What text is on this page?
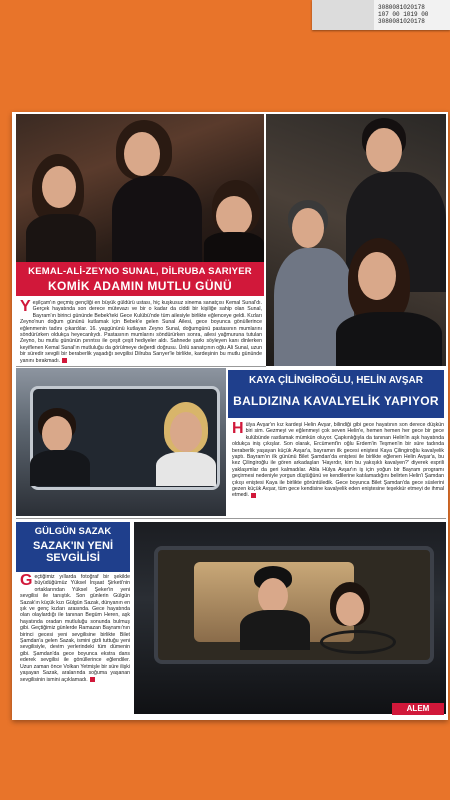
3080081020178
107 00 1019 00
3080081020178
KEMAL-ALİ-ZEYNO SUNAL, DİLRUBA SARIYER
KOMİK ADAMIN MUTLU GÜNÜ
Yeşilçam'ın geçmiş gençliği en büyük güldürü ustası, hiç kuşkusuz sinema sanatçısı Kemal Sunal'dı. Gerçek hayatında son derece mütevazı ve bir o kadar da ciddi bir kişiliğe sahip olan Sunal, Bayram'ın birinci gününde Bebek'teki Gece Kulübü'nde tüm ailesiyle birlikte eğlenceye geldi. Kızları Zeyno'nun doğum gününü kutlamak için Bebek'e gelen Sunal Ailesi, gece boyunca gönüllerince eğlenmenin tadını çıkardılar. 16. yaşgününü kutlayan Zeyno Sunal, doğumgünü pastasının mumlarını söndürürken oldukça heyecanlıydı. Pastasının mumlarını söndürürken sonra, ailesi yağmuruna tutulan Zeyno, bu mutlu gününün pırıntısı ile çeşit çeşit hediyeler aldı. Sahnede şarkı söyleyen kanı dinlerken keyiflenen Kemal Sunal'ın mutluluğu da görülmeye değerdi doğrusu. Ünlü sanatçının oğlu Ali Sunal, uzun bir süredir sevgili bir beraberlik yaşadığı sevgilisi Dilruba Sarıyer'le birlikte, kardeşinin bu mutlu gününde yanını bırakmadı.
KAYA ÇİLİNGİROĞLU, HELİN AVŞAR
BALDIZINA KAVALYELİK YAPIYOR
Hülya Avşar'ın kız kardeşi Helin Avşar, bilindiği gibi gece hayatının son derece düşkün biri sim. Gezmeyi ve eğlenmeyi çok seven Helin'e, hemen hemen her gece bir gece kulübünde rastlamak mümkün oluyor. Çapkınlığıyla da tanınan Helin'in aşk hayatında oldukça iniş çıkışlar. Son olarak, Ercüment'in oğlu Erdem'in Teşmen'in bir süre tadında beraberlik yaşayan küçük Avşar'a, bayramın ilk gecesi eniştesi Kaya Çilingiroğlu kavalyelik yaptı. Bayram'ın ilk gününü Bilet Şamdan'da eniştesi ile birlikte eğlenen Helin Avşar'a, bu kez Çilingiroğlu ile gören arkadaşları 'Hayırdır, kim bu yakışıklı kavalyen?' diyerek esprili yaklaşımlar da geri kalmadılar. Abla Hülya Avşar'ın iş için yoğun bir Bayram programı geçirmesi nedeniyle yorgun düştüğünü ve kendilerine katılamadığını belirten Helin'i Şamdan çıkışı eniştesi Kaya ile birlikte görüntüledik. Gece boyunca Bilet Şamdan'da gece süslerini gezen küçük Avşar, tüm gece kendisine kavalyelik eden eniştesine teşekkür etmeyi de ihmal etmedi.
GÜLGÜN SAZAK
SAZAK'IN YENİ SEVGİLİSİ
Geçtiğimiz yıllarda fotoğraf bir şekilde büyüdüğümüz Yüksel İnşaat Şirketi'nin ortaklarından Yüksel Şeker'in yeni sevgilisi ile tanıştık. Son günlerin Gülgün Sazak'ın küçük kızı Gülgün Sazak, dünyanın en şık ve genç kızları arasında. Gece hayatında olan olaylardığı ile tanınan Begüm Heren, aşk hayatında oradan mutluluğu sonunda bulmuş gibi. Geçtiğimiz günlerde Ramazan Bayramı'nın birinci gecesi yeni sevgilisine birlikte Bilet Şamdan'a gelen Sazak, ismini gizli tuttuğu yeni sevgilisiyle, devim yerlerindeki tüm dümenin gibi. Şamdan'da gece boyunca ekstra dans ederek sevgilisi ile gönüllerince eğlendiler. Uzun zaman önce Volkan Yetmişle bir süre ilişki yaşayan Sazak, aralarında soğuma yaşanan sevgilisinin ismini açıklamadı.
ALEM
